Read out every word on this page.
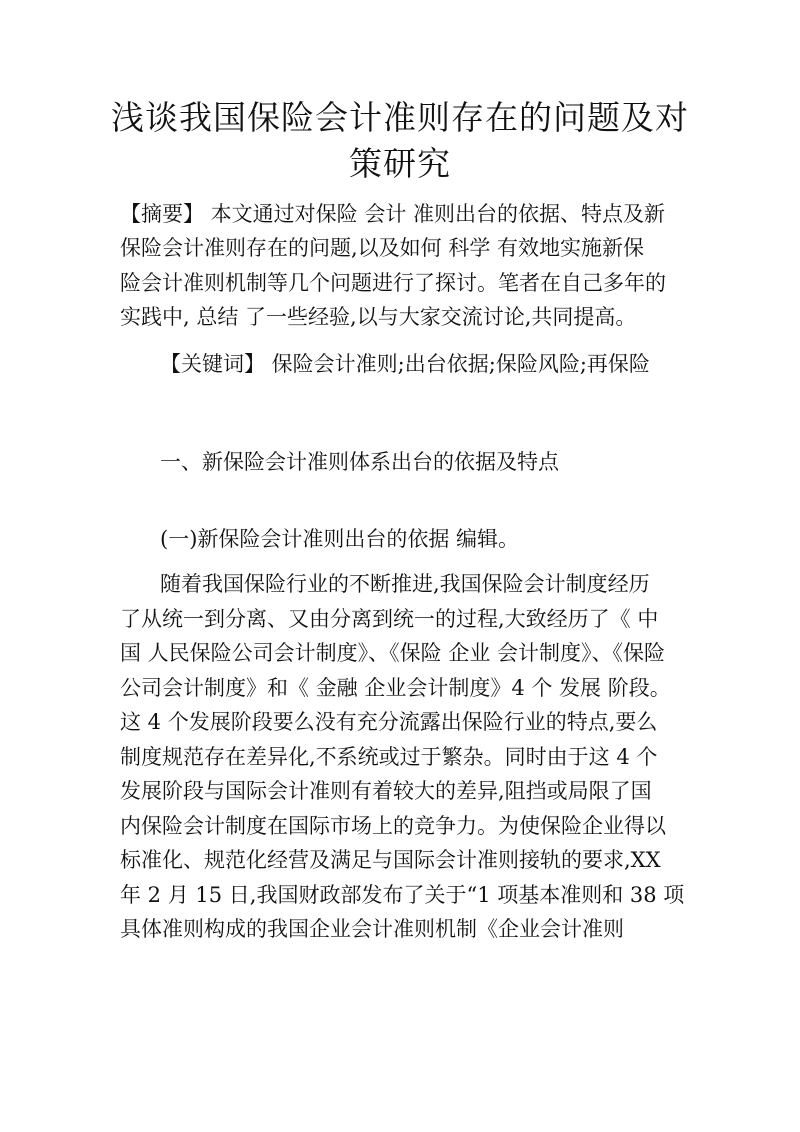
浅谈我国保险会计准则存在的问题及对
策研究

【摘要】 本文通过对保险 会计 准则出台的依据、特点及新

保险会计准则存在的问题,以及如何 科学 有效地实施新保

险会计准则机制等几个问题进行了探讨。笔者在自己多年的

实践中, 总结 了一些经验,以与大家交流讨论,共同提高。

【关键词】 保险会计准则;出台依据;保险风险;再保险

一、新保险会计准则体系出台的依据及特点

(一)新保险会计准则出台的依据 编辑。

随着我国保险行业的不断推进,我国保险会计制度经历

了从统一到分离、又由分离到统一的过程,大致经历了《 中

国 人民保险公司会计制度》、《保险 企业 会计制度》、《保险

公司会计制度》和《 金融 企业会计制度》4 个 发展 阶段。

这 4 个发展阶段要么没有充分流露出保险行业的特点,要么

制度规范存在差异化,不系统或过于繁杂。同时由于这 4 个

发展阶段与国际会计准则有着较大的差异,阻挡或局限了国

内保险会计制度在国际市场上的竞争力。为使保险企业得以

标准化、规范化经营及满足与国际会计准则接轨的要求,XX

年 2 月 15 日,我国财政部发布了关于“1 项基本准则和 38 项

具体准则构成的我国企业会计准则机制《企业会计准则
